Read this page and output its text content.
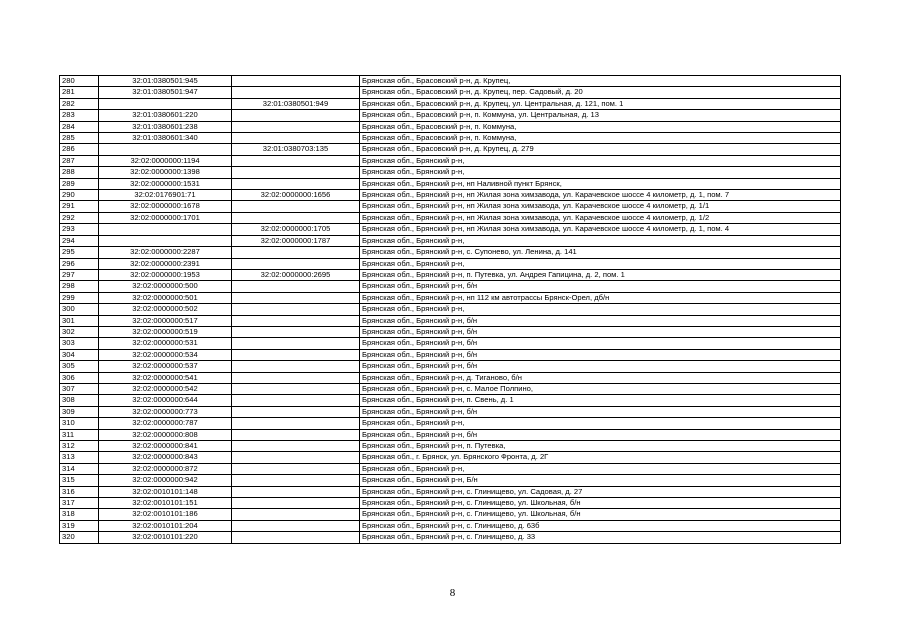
280	32:01:0380501:945		Брянская обл., Брасовский р-н, д. Крупец,
281	32:01:0380501:947		Брянская обл., Брасовский р-н, д. Крупец, пер. Садовый, д. 20
282		32:01:0380501:949	Брянская обл., Брасовский р-н, д. Крупец, ул. Центральная, д. 121, пом. 1
283	32:01:0380601:220		Брянская обл., Брасовский р-н, п. Коммуна, ул. Центральная, д. 13
284	32:01:0380601:238		Брянская обл., Брасовский р-н, п. Коммуна,
285	32:01:0380601:340		Брянская обл., Брасовский р-н, п. Коммуна,
286		32:01:0380703:135	Брянская обл., Брасовский р-н, д. Крупец, д. 279
287	32:02:0000000:1194		Брянская обл., Брянский р-н,
288	32:02:0000000:1398		Брянская обл., Брянский р-н,
289	32:02:0000000:1531		Брянская обл., Брянский р-н, нп Наливной пункт Брянск,
290	32:02:0176901:71	32:02:0000000:1656	Брянская обл., Брянский р-н, нп Жилая зона химзавода, ул. Карачевское шоссе 4 километр, д. 1, пом. 7
291	32:02:0000000:1678		Брянская обл., Брянский р-н, нп Жилая зона химзавода, ул. Карачевское шоссе 4 километр, д. 1/1
292	32:02:0000000:1701		Брянская обл., Брянский р-н, нп Жилая зона химзавода, ул. Карачевское шоссе 4 километр, д. 1/2
293		32:02:0000000:1705	Брянская обл., Брянский р-н, нп Жилая зона химзавода, ул. Карачевское шоссе 4 километр, д. 1, пом. 4
294		32:02:0000000:1787	Брянская обл., Брянский р-н,
295	32:02:0000000:2287		Брянская обл., Брянский р-н, с. Супонево, ул. Ленина, д. 141
296	32:02:0000000:2391		Брянская обл., Брянский р-н,
297	32:02:0000000:1953	32:02:0000000:2695	Брянская обл., Брянский р-н, п. Путевка, ул. Андрея Гапицина, д. 2, пом. 1
298	32:02:0000000:500		Брянская обл., Брянский р-н, б/н
299	32:02:0000000:501		Брянская обл., Брянский р-н, нп 112 км автотрассы Брянск-Орел, дб/н
300	32:02:0000000:502		Брянская обл., Брянский р-н,
301	32:02:0000000:517		Брянская обл., Брянский р-н, б/н
302	32:02:0000000:519		Брянская обл., Брянский р-н, б/н
303	32:02:0000000:531		Брянская обл., Брянский р-н, б/н
304	32:02:0000000:534		Брянская обл., Брянский р-н, б/н
305	32:02:0000000:537		Брянская обл., Брянский р-н, б/н
306	32:02:0000000:541		Брянская обл., Брянский р-н, д. Тиганово, б/н
307	32:02:0000000:542		Брянская обл., Брянский р-н, с. Малое Полпино,
308	32:02:0000000:644		Брянская обл., Брянский р-н, п. Свень, д. 1
309	32:02:0000000:773		Брянская обл., Брянский р-н, б/н
310	32:02:0000000:787		Брянская обл., Брянский р-н,
311	32:02:0000000:808		Брянская обл., Брянский р-н, б/н
312	32:02:0000000:841		Брянская обл., Брянский р-н, п. Путевка,
313	32:02:0000000:843		Брянская обл., г. Брянск, ул. Брянского Фронта, д. 2Г
314	32:02:0000000:872		Брянская обл., Брянский р-н,
315	32:02:0000000:942		Брянская обл., Брянский р-н, Б/н
316	32:02:0010101:148		Брянская обл., Брянский р-н, с. Глинищево, ул. Садовая, д. 27
317	32:02:0010101:151		Брянская обл., Брянский р-н, с. Глинищево, ул. Школьная, б/н
318	32:02:0010101:186		Брянская обл., Брянский р-н, с. Глинищево, ул. Школьная, б/н
319	32:02:0010101:204		Брянская обл., Брянский р-н, с. Глинищево, д. 63б
320	32:02:0010101:220		Брянская обл., Брянский р-н, с. Глинищево, д. 33
8
